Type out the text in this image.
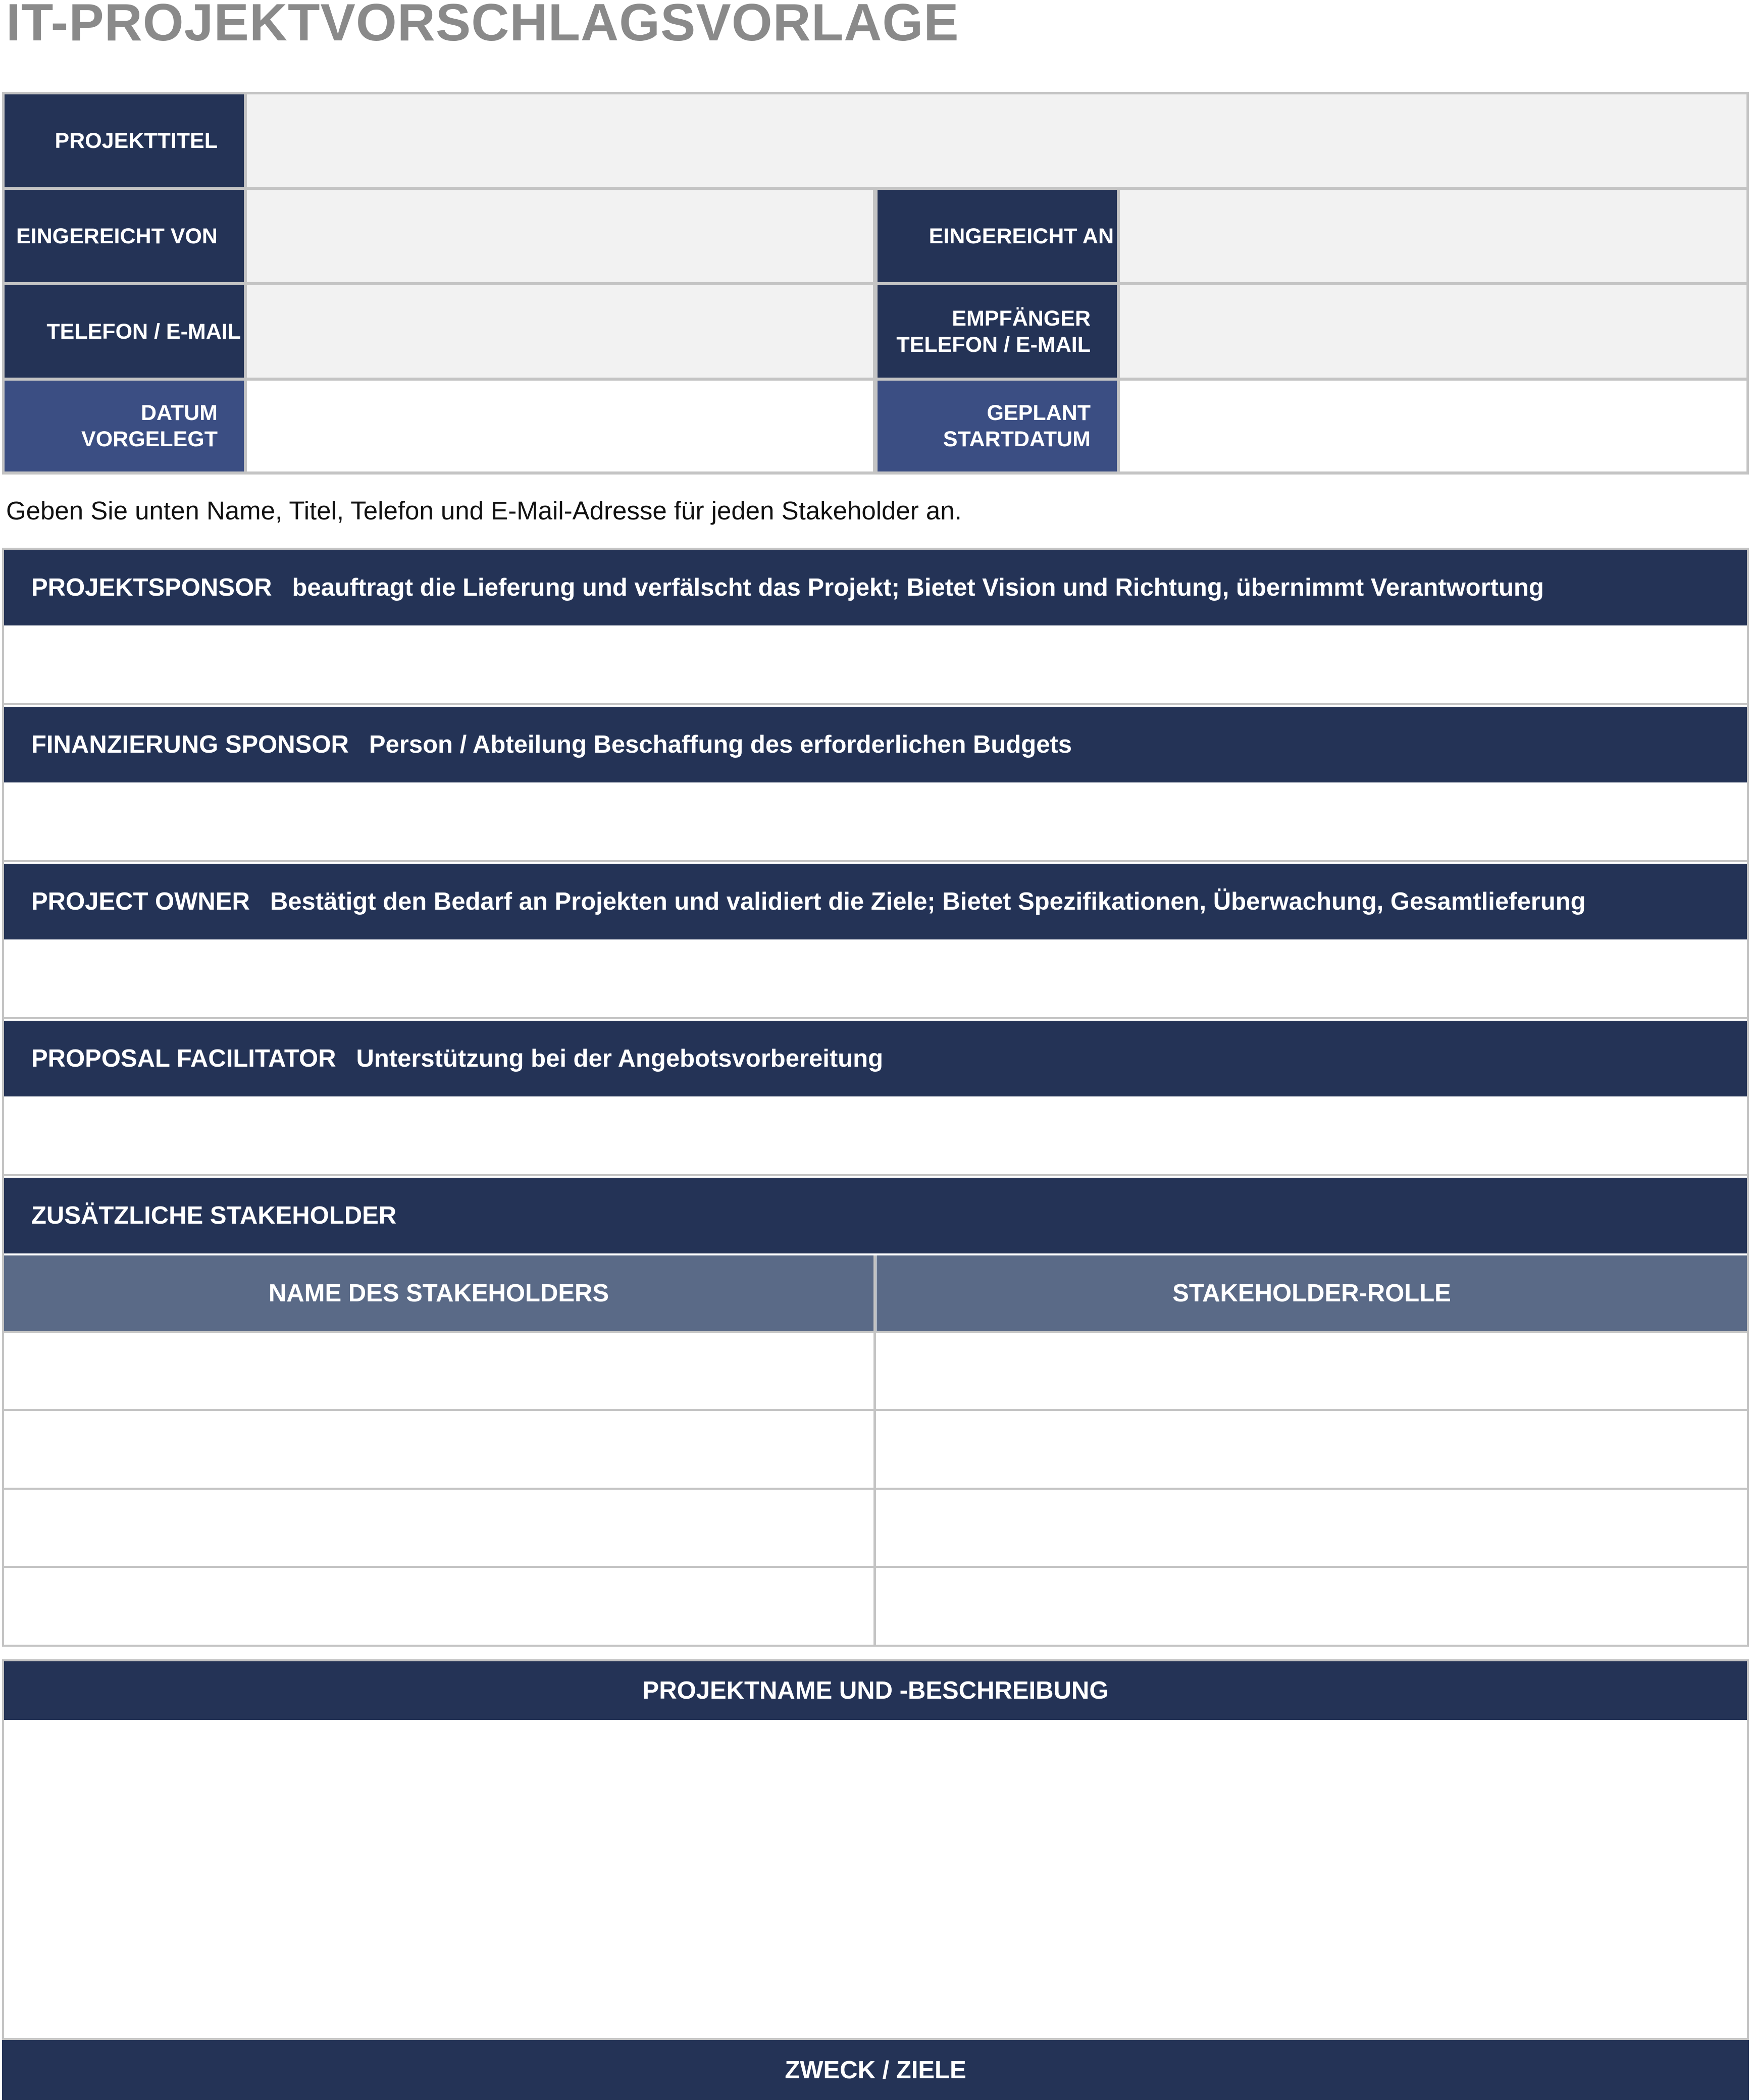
IT-PROJEKTVORSCHLAGSVORLAGE
PROJEKTTITEL
EINGEREICHT VON	EINGEREICHT AN
TELEFON / E-MAIL
EMPFÄNGER
TELEFON / E-MAIL
DATUM
VORGELEGT
GEPLANT
STARTDATUM
Geben Sie unten Name, Titel, Telefon und E-Mail-Adresse für jeden Stakeholder an.
PROJEKTSPONSOR beauftragt die Lieferung und verfälscht das Projekt; Bietet Vision und Richtung, übernimmt Verantwortung
FINANZIERUNG SPONSOR Person / Abteilung Beschaffung des erforderlichen Budgets
PROJECT OWNER Bestätigt den Bedarf an Projekten und validiert die Ziele; Bietet Spezifikationen, Überwachung, Gesamtlieferung
PROPOSAL FACILITATOR Unterstützung bei der Angebotsvorbereitung
ZUSÄTZLICHE STAKEHOLDER
NAME DES STAKEHOLDERS	STAKEHOLDER-ROLLE
PROJEKTNAME UND -BESCHREIBUNG
ZWECK / ZIELE
